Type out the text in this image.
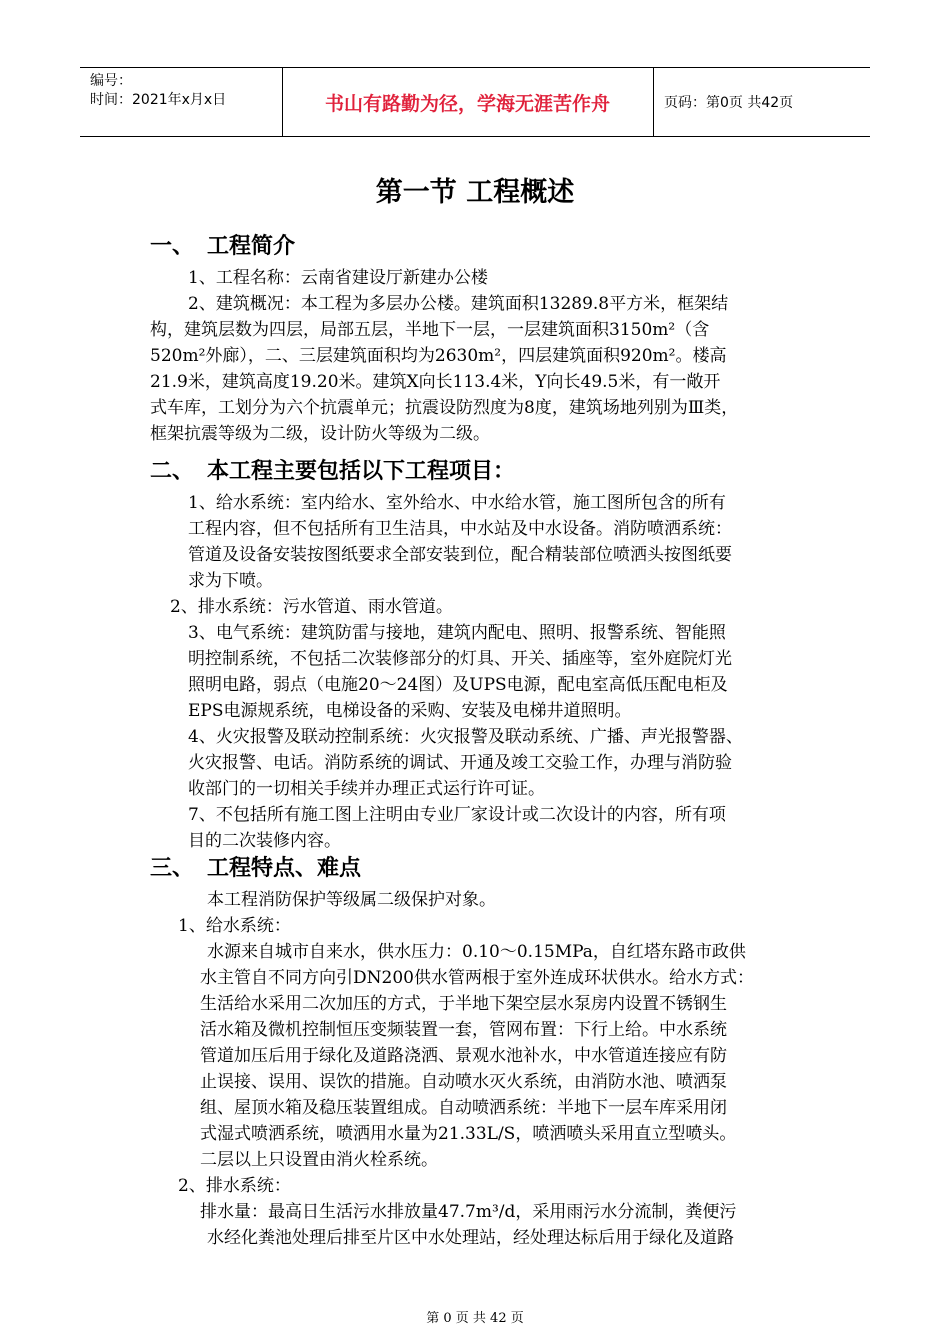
编号：
时间：2021年x月x日	书山有路勤为径，学海无涯苦作舟	页码：第0页 共42页
第一节 工程概述
一、 工程简介
1、工程名称：云南省建设厅新建办公楼
2、建筑概况：本工程为多层办公楼。建筑面积13289.8平方米，框架结
构，建筑层数为四层，局部五层，半地下一层，一层建筑面积3150m²（含
520m²外廊），二、三层建筑面积均为2630m²，四层建筑面积920m²。楼高
21.9米，建筑高度19.20米。建筑X向长113.4米，Y向长49.5米，有一敞开
式车库，工划分为六个抗震单元；抗震设防烈度为8度，建筑场地列别为Ⅲ类，
框架抗震等级为二级，设计防火等级为二级。
二、 本工程主要包括以下工程项目：
1、给水系统：室内给水、室外给水、中水给水管，施工图所包含的所有
工程内容，但不包括所有卫生洁具，中水站及中水设备。消防喷洒系统：
管道及设备安装按图纸要求全部安装到位，配合精装部位喷洒头按图纸要
求为下喷。
2、排水系统：污水管道、雨水管道。
3、电气系统：建筑防雷与接地，建筑内配电、照明、报警系统、智能照
明控制系统，不包括二次装修部分的灯具、开关、插座等，室外庭院灯光
照明电路，弱点（电施20～24图）及UPS电源，配电室高低压配电柜及
EPS电源规系统，电梯设备的采购、安装及电梯井道照明。
4、火灾报警及联动控制系统：火灾报警及联动系统、广播、声光报警器、
火灾报警、电话。消防系统的调试、开通及竣工交验工作，办理与消防验
收部门的一切相关手续并办理正式运行许可证。
7、不包括所有施工图上注明由专业厂家设计或二次设计的内容，所有项
目的二次装修内容。
三、 工程特点、难点
本工程消防保护等级属二级保护对象。
1、给水系统：
水源来自城市自来水，供水压力：0.10～0.15MPa，自红塔东路市政供
水主管自不同方向引DN200供水管两根于室外连成环状供水。给水方式：
生活给水采用二次加压的方式，于半地下架空层水泵房内设置不锈钢生
活水箱及微机控制恒压变频装置一套，管网布置：下行上给。中水系统
管道加压后用于绿化及道路浇洒、景观水池补水，中水管道连接应有防
止误接、误用、误饮的措施。自动喷水灭火系统，由消防水池、喷洒泵
组、屋顶水箱及稳压装置组成。自动喷洒系统：半地下一层车库采用闭
式湿式喷洒系统，喷洒用水量为21.33L/S，喷洒喷头采用直立型喷头。
二层以上只设置由消火栓系统。
2、排水系统：
排水量：最高日生活污水排放量47.7m³/d，采用雨污水分流制，粪便污
水经化粪池处理后排至片区中水处理站，经处理达标后用于绿化及道路
第 0 页 共 42 页
